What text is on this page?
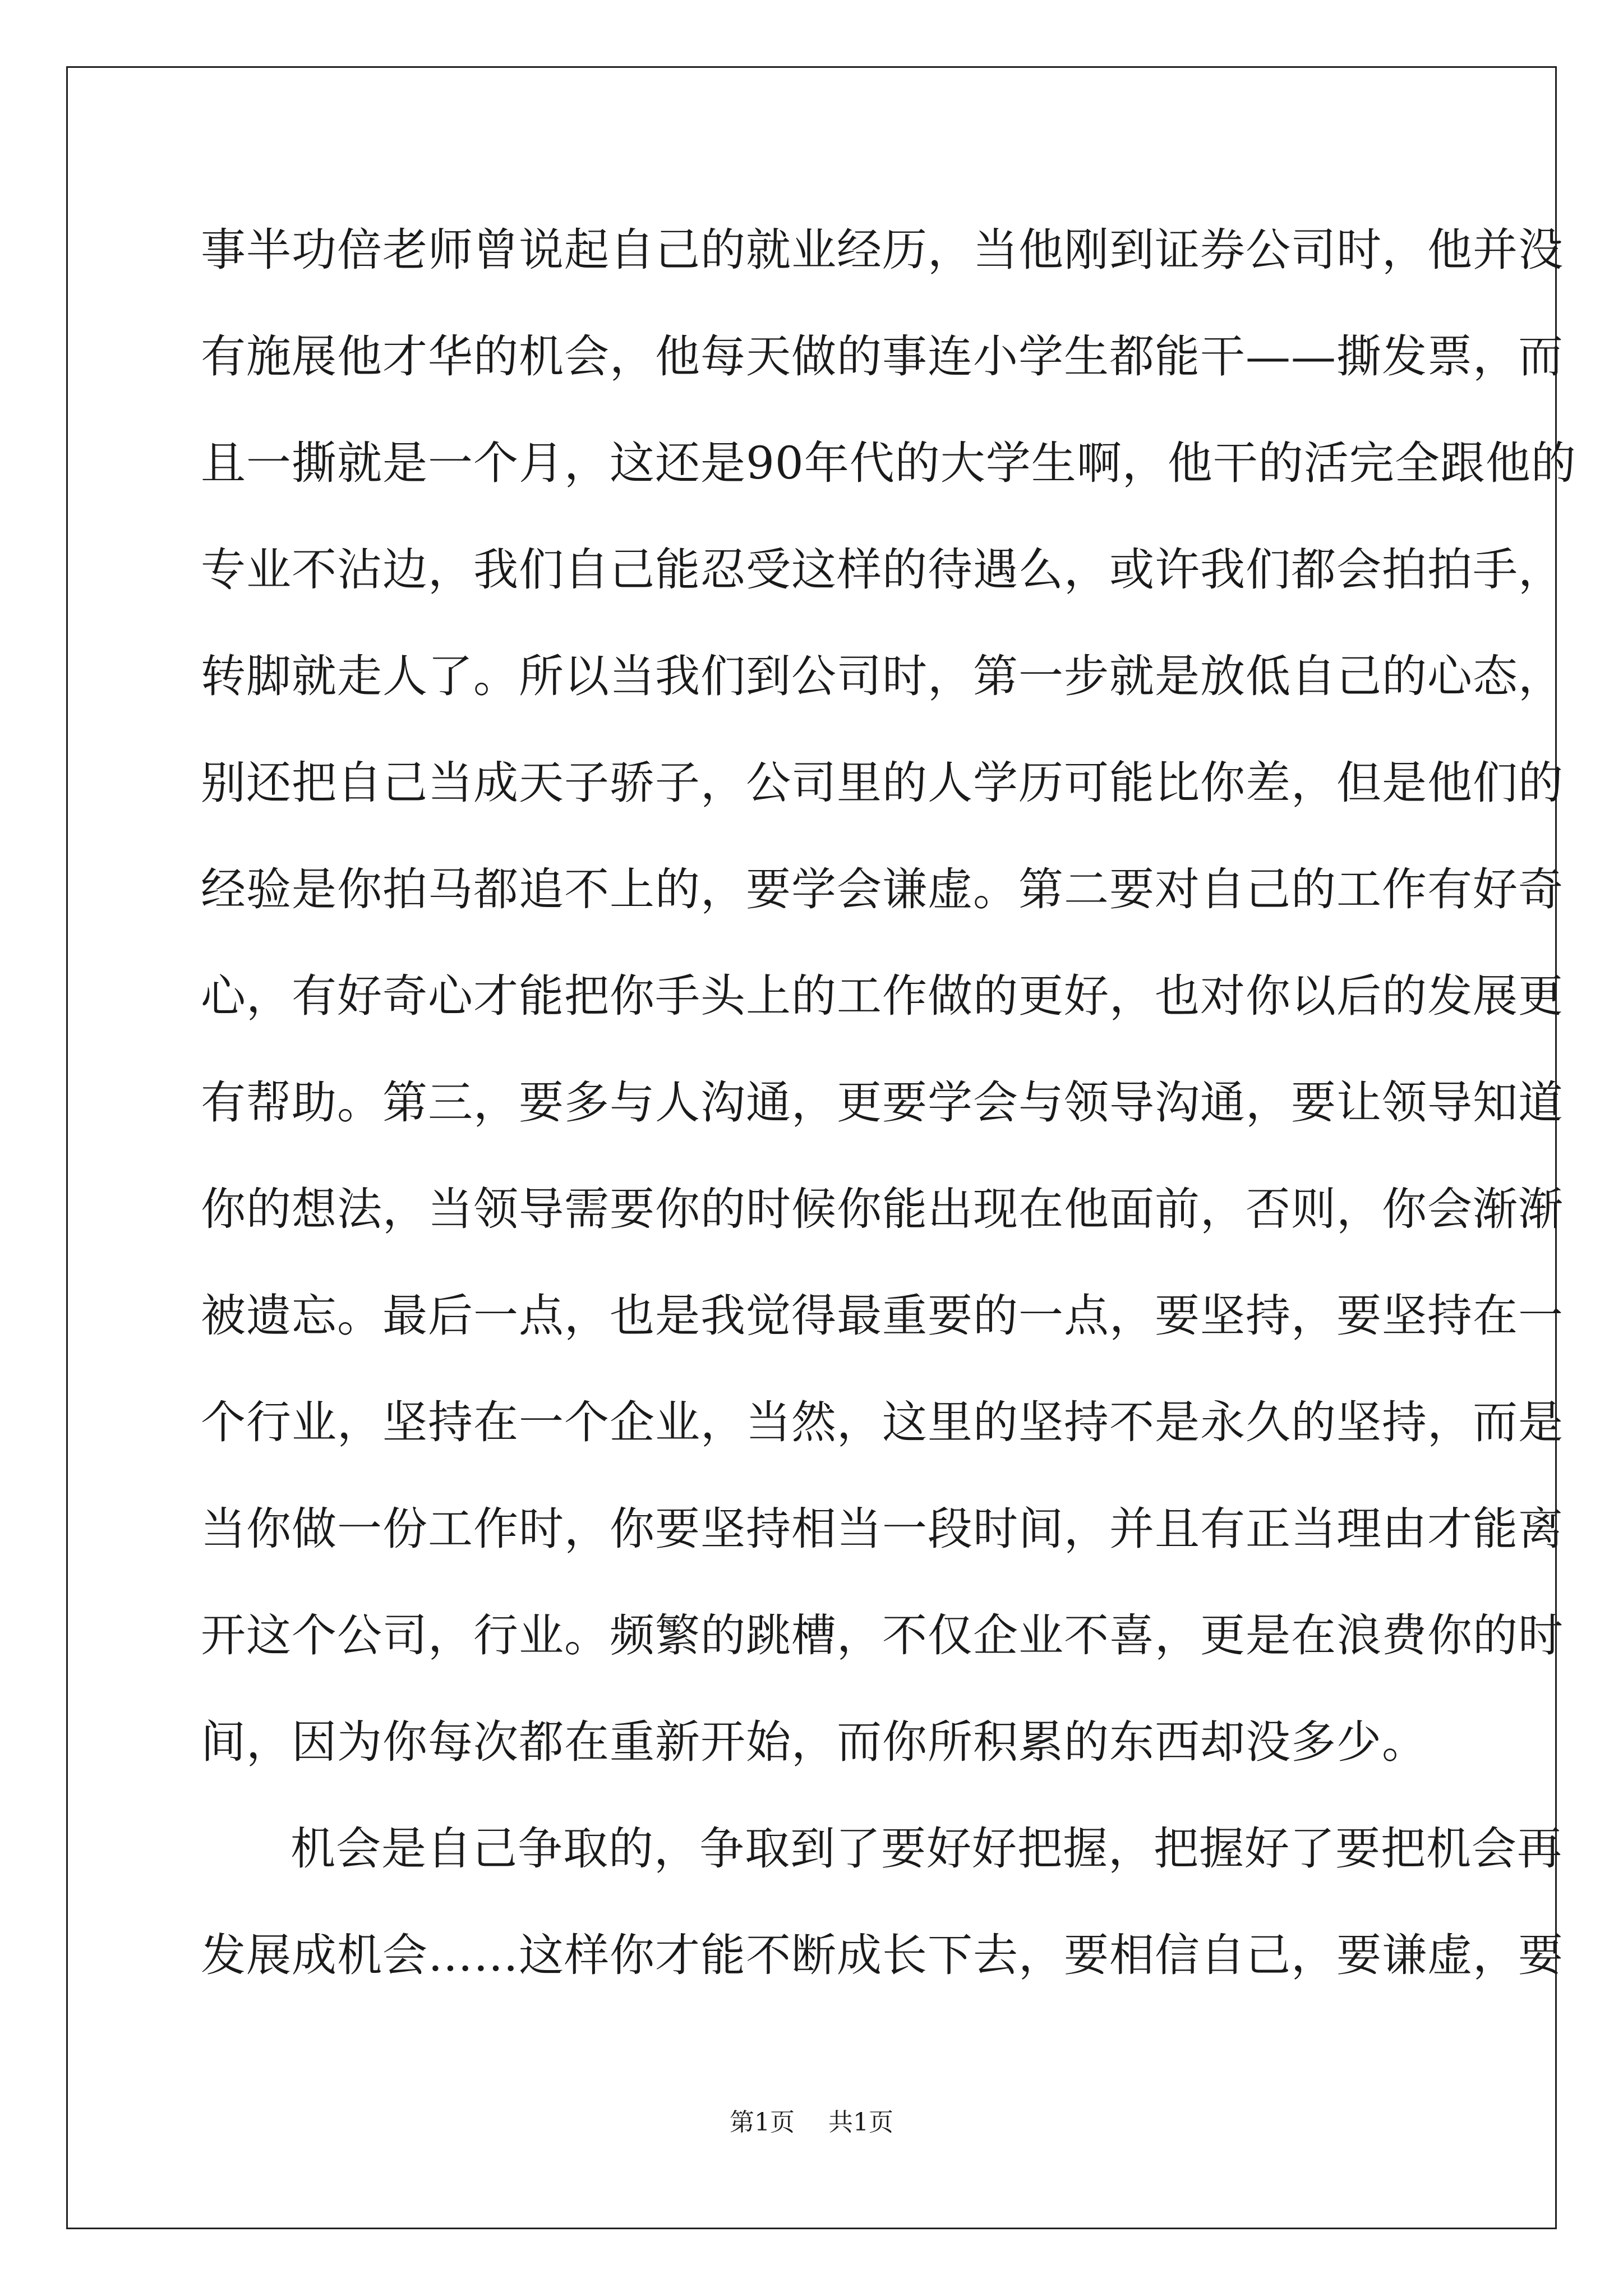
事半功倍老师曾说起自己的就业经历，当他刚到证券公司时，他并没
有施展他才华的机会，他每天做的事连小学生都能干——撕发票，而
且一撕就是一个月，这还是90年代的大学生啊，他干的活完全跟他的
专业不沾边，我们自己能忍受这样的待遇么，或许我们都会拍拍手，
转脚就走人了。所以当我们到公司时，第一步就是放低自己的心态，
别还把自己当成天子骄子，公司里的人学历可能比你差，但是他们的
经验是你拍马都追不上的，要学会谦虚。第二要对自己的工作有好奇
心，有好奇心才能把你手头上的工作做的更好，也对你以后的发展更
有帮助。第三，要多与人沟通，更要学会与领导沟通，要让领导知道
你的想法，当领导需要你的时候你能出现在他面前，否则，你会渐渐
被遗忘。最后一点，也是我觉得最重要的一点，要坚持，要坚持在一
个行业，坚持在一个企业，当然，这里的坚持不是永久的坚持，而是
当你做一份工作时，你要坚持相当一段时间，并且有正当理由才能离
开这个公司，行业。频繁的跳槽，不仅企业不喜，更是在浪费你的时
间，因为你每次都在重新开始，而你所积累的东西却没多少。
机会是自己争取的，争取到了要好好把握，把握好了要把机会再
发展成机会……这样你才能不断成长下去，要相信自己，要谦虚，要
第1页 共1页
